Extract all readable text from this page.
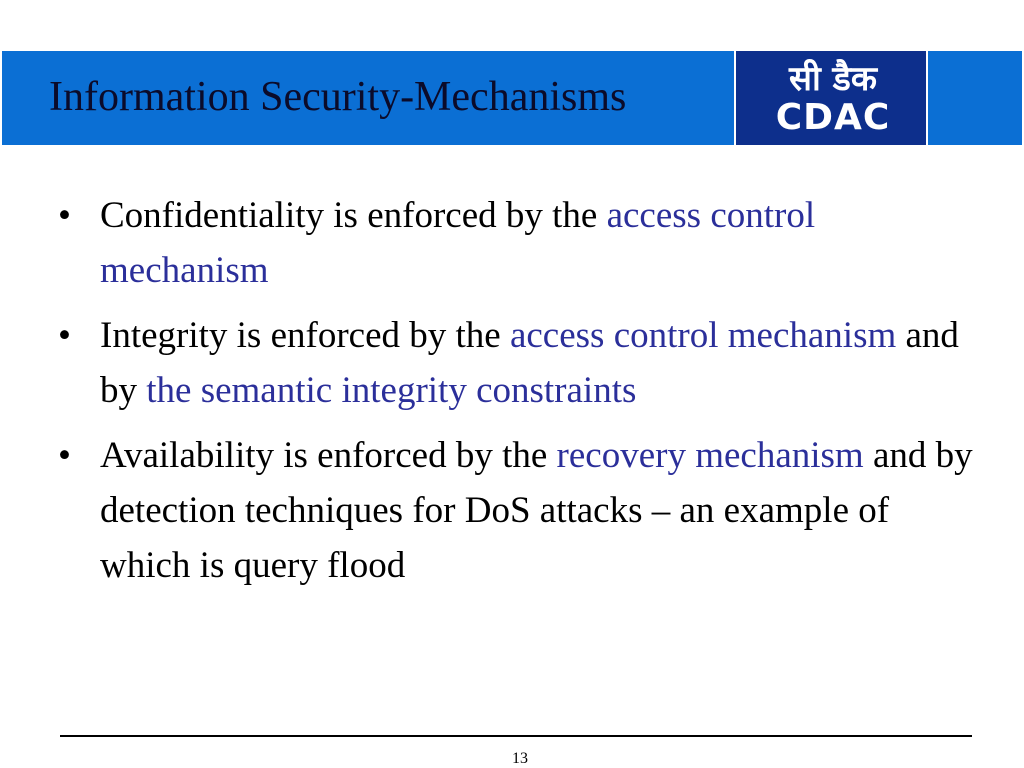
Information Security-Mechanisms	सी डैक
CDAC
• Confidentiality is enforced by the access control mechanism
• Integrity is enforced by the access control mechanism and by the semantic integrity constraints
• Availability is enforced by the recovery mechanism and by detection techniques for DoS attacks – an example of which is query flood
13
